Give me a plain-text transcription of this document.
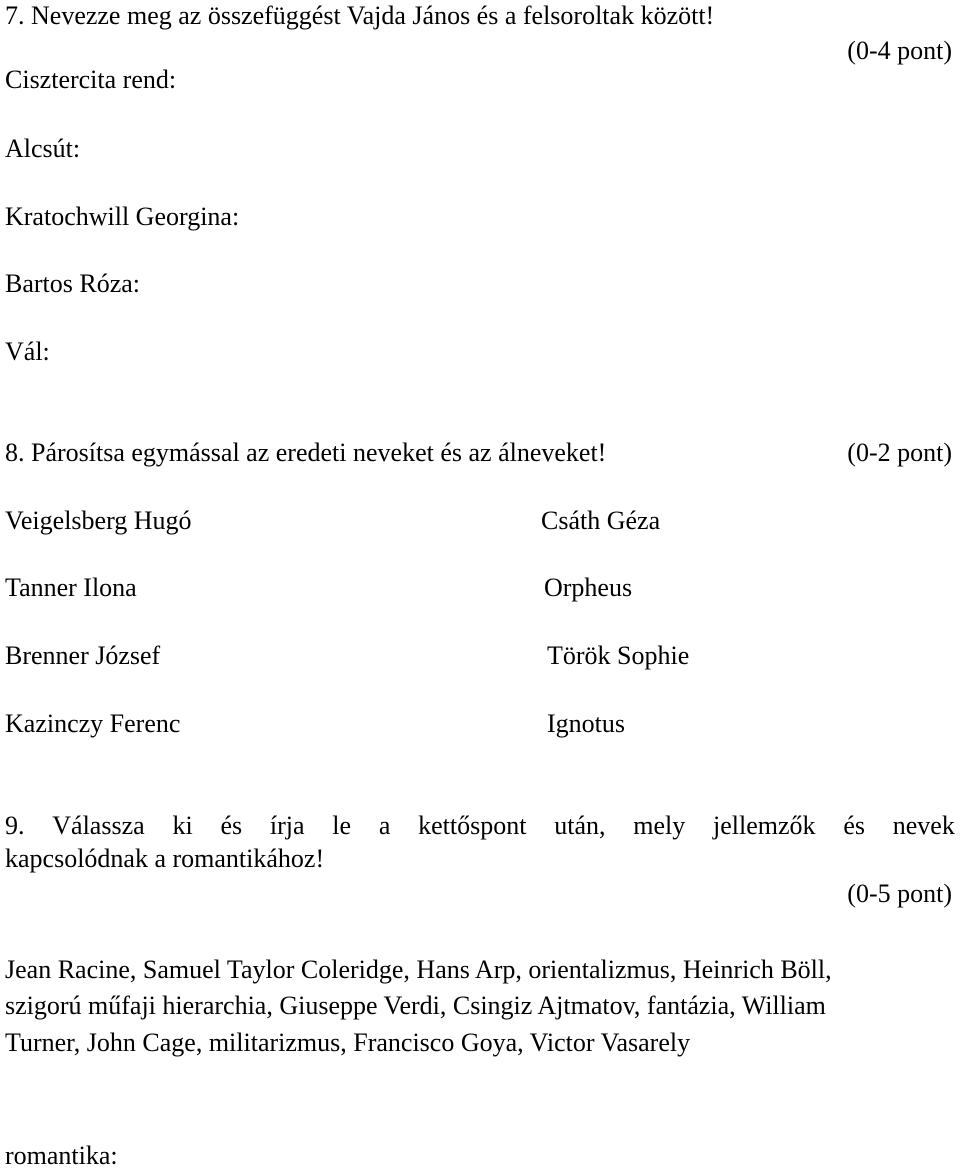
7. Nevezze meg az összefüggést Vajda János és a felsoroltak között!
(0-4 pont)
Cisztercita rend:
Alcsút:
Kratochwill Georgina:
Bartos Róza:
Vál:
8. Párosítsa egymással az eredeti neveket és az álneveket!	(0-2 pont)
Veigelsberg Hugó
Tanner Ilona
Brenner József
Kazinczy Ferenc
Csáth Géza
Orpheus
Török Sophie
Ignotus
9. Válassza ki és írja le a kettőspont után, mely jellemzők és nevek
kapcsolódnak a romantikához!
(0-5 pont)
Jean Racine, Samuel Taylor Coleridge, Hans Arp, orientalizmus, Heinrich Böll,
szigorú műfaji hierarchia, Giuseppe Verdi, Csingiz Ajtmatov, fantázia, William
Turner, John Cage, militarizmus, Francisco Goya, Victor Vasarely
romantika:
